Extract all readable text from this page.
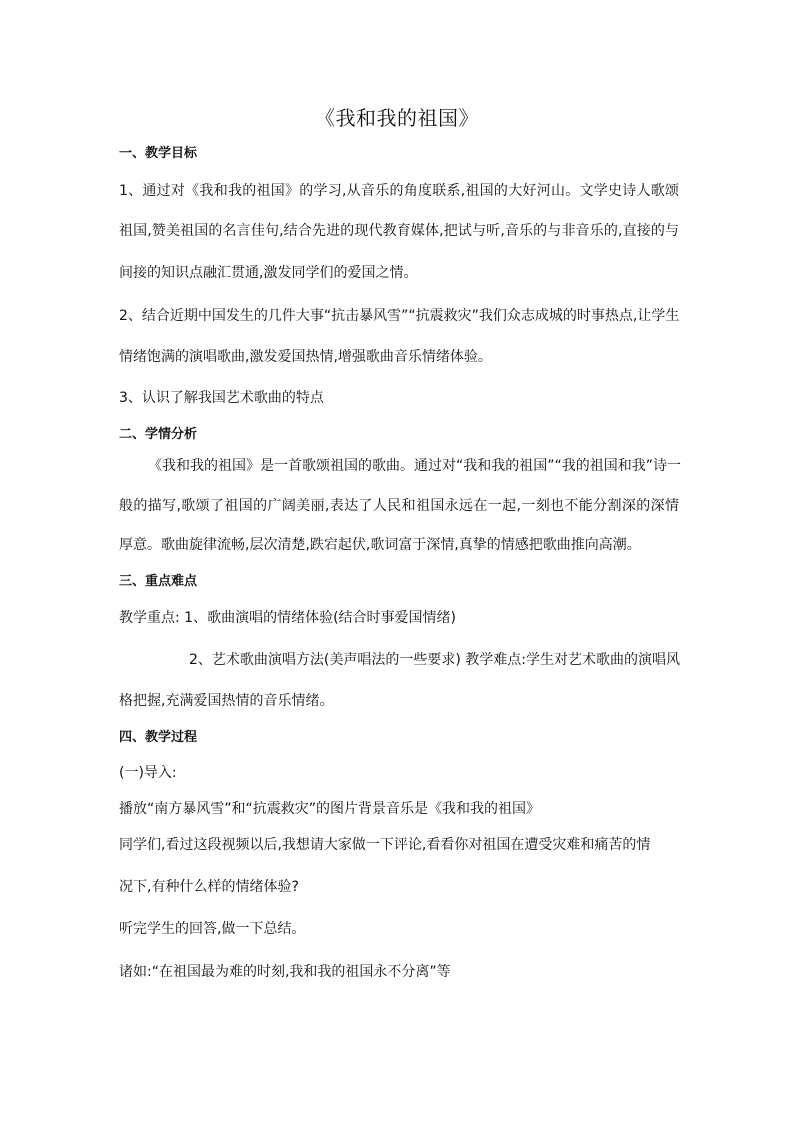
《我和我的祖国》
一、教学目标
1、通过对《我和我的祖国》的学习,从音乐的角度联系,祖国的大好河山。文学史诗人歌颂
祖国,赞美祖国的名言佳句,结合先进的现代教育媒体,把试与听,音乐的与非音乐的,直接的与
间接的知识点融汇贯通,激发同学们的爱国之情。
2、结合近期中国发生的几件大事“抗击暴风雪”“抗震救灾”我们众志成城的时事热点,让学生
情绪饱满的演唱歌曲,激发爱国热情,增强歌曲音乐情绪体验。
3、认识了解我国艺术歌曲的特点
二、学情分析
《我和我的祖国》是一首歌颂祖国的歌曲。通过对“我和我的祖国”“我的祖国和我”诗一
般的描写,歌颂了祖国的广阔美丽,表达了人民和祖国永远在一起,一刻也不能分割深的深情
厚意。歌曲旋律流畅,层次清楚,跌宕起伏,歌词富于深情,真挚的情感把歌曲推向高潮。
三、重点难点
教学重点: 1、歌曲演唱的情绪体验(结合时事爱国情绪)
2、艺术歌曲演唱方法(美声唱法的一些要求) 教学难点:学生对艺术歌曲的演唱风
格把握,充满爱国热情的音乐情绪。
四、教学过程
(一)导入:
播放“南方暴风雪”和“抗震救灾”的图片背景音乐是《我和我的祖国》
同学们,看过这段视频以后,我想请大家做一下评论,看看你对祖国在遭受灾难和痛苦的情
况下,有种什么样的情绪体验?
听完学生的回答,做一下总结。
诸如:“在祖国最为难的时刻,我和我的祖国永不分离”等
